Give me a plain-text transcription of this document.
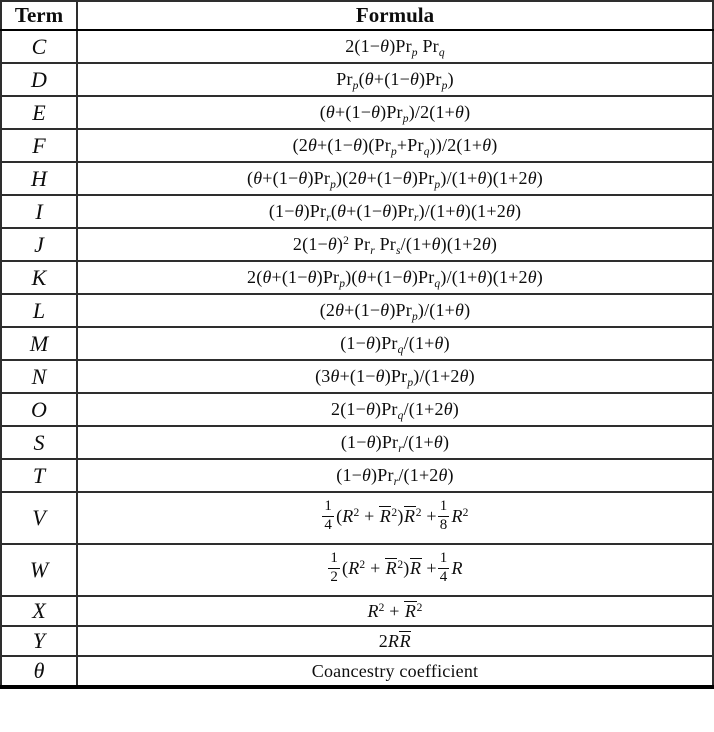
Term	Formula
C	$2(1-\theta)Pr_p$ $Pr_q$
D	$Pr_p(\theta+(1-\theta)Pr_p)$
E	$(\theta+(1-\theta)Pr_p)/2(1+\theta)$
F	$(2\theta+(1-\theta)(Pr_p+Pr_q))/2(1+\theta)$
H	$(\theta+(1-\theta)Pr_p)(2\theta+(1-\theta)Pr_p)/(1+\theta)(1+2\theta)$
I	$(1-\theta)Pr_r(\theta+(1-\theta)Pr_r)/(1+\theta)(1+2\theta)$
J	$2(1-\theta)^2$ $Pr_r$ $Pr_s/(1+\theta)(1+2\theta)$
K	$2(\theta+(1-\theta)Pr_p)(\theta+(1-\theta)Pr_q)/(1+\theta)(1+2\theta)$
L	$(2\theta+(1-\theta)Pr_p)/(1+\theta)$
M	$(1-\theta)Pr_q/(1+\theta)$
N	$(3\theta+(1-\theta)Pr_p)/(1+2\theta)$
O	$2(1-\theta)Pr_q/(1+2\theta)$
S	$(1-\theta)Pr_r/(1+\theta)$
T	$(1-\theta)Pr_r/(1+2\theta)$
V	$\frac{1}{4} (R^2 + R^2)R^2 + \frac{1}{8} R^2$
W	$\frac{1}{2} (R^2 + R^2)R + \frac{1}{4}$ R
X	$R^2 + R^2$
Y	2RR
θ	Coancestry coefficient
